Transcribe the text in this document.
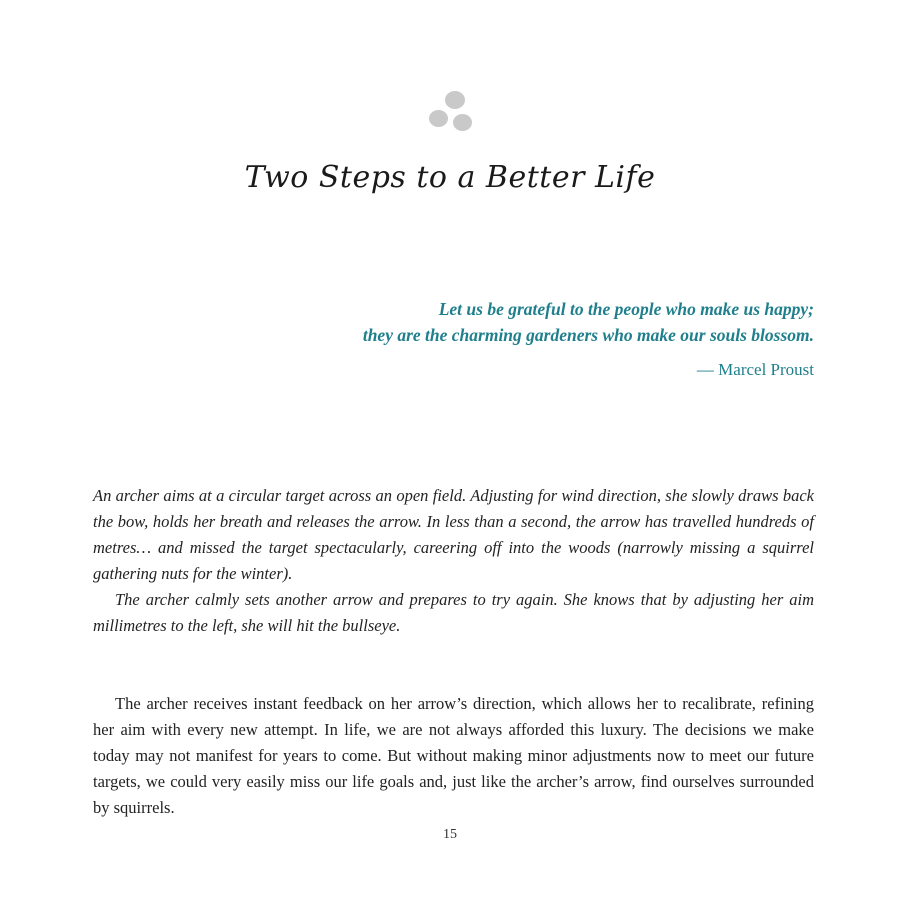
Two Steps to a Better Life
Let us be grateful to the people who make us happy;
they are the charming gardeners who make our souls blossom.
— Marcel Proust

An archer aims at a circular target across an open field. Adjusting for wind direction, she slowly draws back the bow, holds her breath and releases the arrow. In less than a second, the arrow has travelled hundreds of metres… and missed the target spectacularly, careering off into the woods (narrowly missing a squirrel gathering nuts for the winter).

The archer calmly sets another arrow and prepares to try again. She knows that by adjusting her aim millimetres to the left, she will hit the bullseye.

The archer receives instant feedback on her arrow’s direction, which allows her to recalibrate, refining her aim with every new attempt. In life, we are not always afforded this luxury. The decisions we make today may not manifest for years to come. But without making minor adjustments now to meet our future targets, we could very easily miss our life goals and, just like the archer’s arrow, find ourselves surrounded by squirrels.

15
